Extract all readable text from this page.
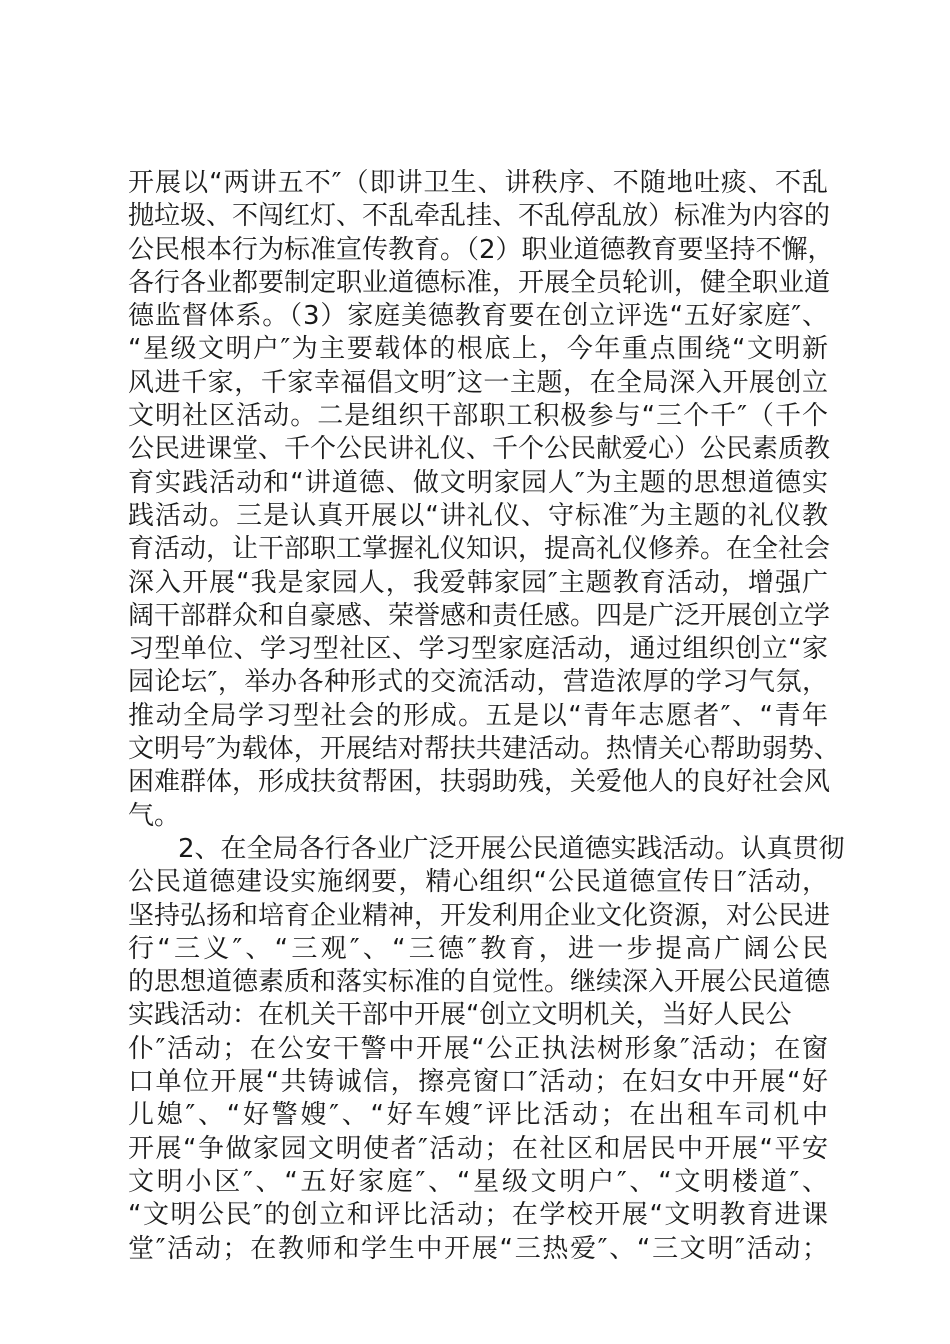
开展以“两讲五不″（即讲卫生、讲秩序、不随地吐痰、不乱
抛垃圾、不闯红灯、不乱牵乱挂、不乱停乱放）标准为内容的
公民根本行为标准宣传教育。（2）职业道德教育要坚持不懈，
各行各业都要制定职业道德标准，开展全员轮训，健全职业道
德监督体系。（3）家庭美德教育要在创立评选“五好家庭″、
“星级文明户″为主要载体的根底上，今年重点围绕“文明新
风进千家，千家幸福倡文明″这一主题，在全局深入开展创立
文明社区活动。二是组织干部职工积极参与“三个千″（千个
公民进课堂、千个公民讲礼仪、千个公民献爱心）公民素质教
育实践活动和“讲道德、做文明家园人″为主题的思想道德实
践活动。三是认真开展以“讲礼仪、守标准″为主题的礼仪教
育活动，让干部职工掌握礼仪知识，提高礼仪修养。在全社会
深入开展“我是家园人，我爱韩家园″主题教育活动，增强广
阔干部群众和自豪感、荣誉感和责任感。四是广泛开展创立学
习型单位、学习型社区、学习型家庭活动，通过组织创立“家
园论坛″，举办各种形式的交流活动，营造浓厚的学习气氛，
推动全局学习型社会的形成。五是以“青年志愿者″、“青年
文明号″为载体，开展结对帮扶共建活动。热情关心帮助弱势、
困难群体，形成扶贫帮困，扶弱助残，关爱他人的良好社会风
气。
2、在全局各行各业广泛开展公民道德实践活动。认真贯彻
公民道德建设实施纲要，精心组织“公民道德宣传日″活动，
坚持弘扬和培育企业精神，开发利用企业文化资源，对公民进
行“三义″、“三观″、“三德″教育，进一步提高广阔公民
的思想道德素质和落实标准的自觉性。继续深入开展公民道德
实践活动：在机关干部中开展“创立文明机关，当好人民公
仆″活动；在公安干警中开展“公正执法树形象″活动；在窗
口单位开展“共铸诚信，擦亮窗口″活动；在妇女中开展“好
儿媳″、“好警嫂″、“好车嫂″评比活动；在出租车司机中
开展“争做家园文明使者″活动；在社区和居民中开展“平安
文明小区″、“五好家庭″、“星级文明户″、“文明楼道″、
“文明公民″的创立和评比活动；在学校开展“文明教育进课
堂″活动；在教师和学生中开展“三热爱″、“三文明″活动；
